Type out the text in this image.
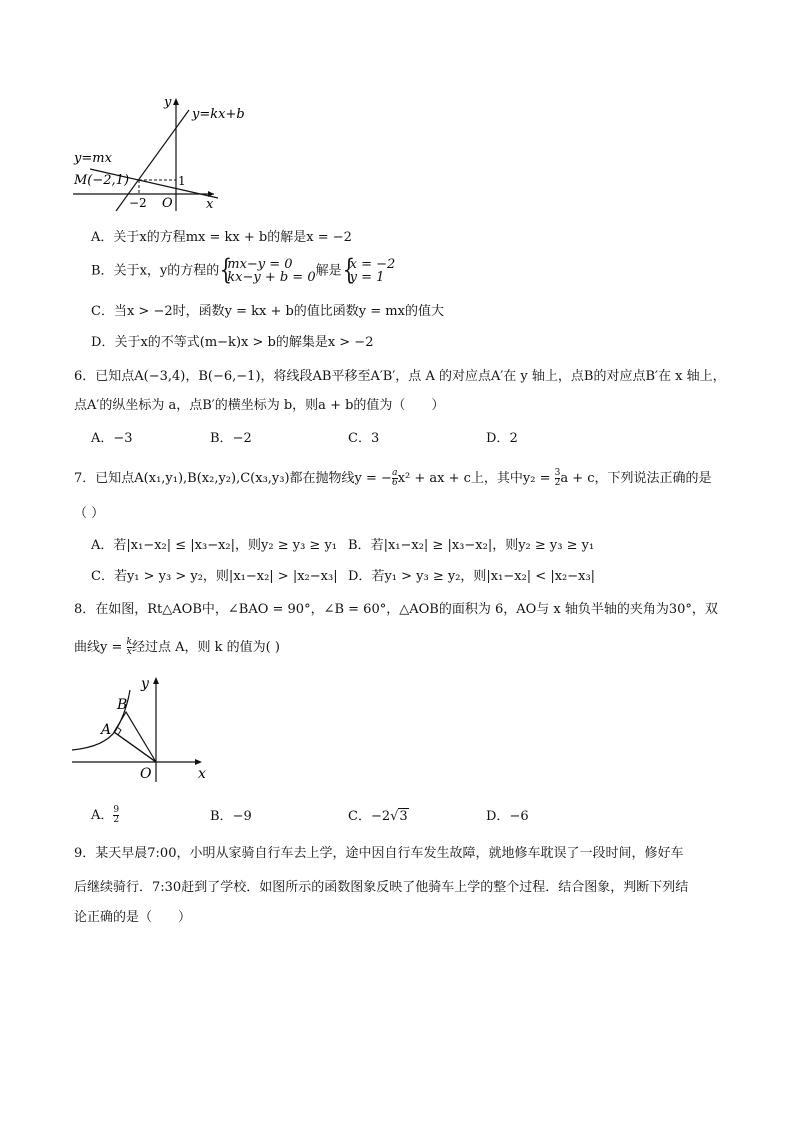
y
y=kx+b
y=mx
M(−2,1)	1
−2 O	x
A．关于x的方程mx = kx + b的解是x = −2
B．关于x，y的方程的 { mx−y = 0
kx−y + b = 0 解是 { x = −2
y = 1
C．当x > −2时，函数y = kx + b的值比函数y = mx的值大
D．关于x的不等式(m−k)x > b的解集是x > −2
6．已知点A(−3,4)，B(−6,−1)，将线段AB平移至A′B′，点 A 的对应点A′在 y 轴上，点B的对应点B′在 x 轴上，
点A′的纵坐标为 a，点B′的横坐标为 b，则a + b的值为（　　）
A．−3	B．−2	C．3	D．2
7．已知点A(x₁,y₁),B(x₂,y₂),C(x₃,y₃)都在抛物线y = − $\frac{a}{6} x^2$ + ax + c上，其中$y_2 = \frac{3}{2}$ a + c，下列说法正确的是
（ ）
A．若|x₁−x₂| ≤ |x₃−x₂|，则y₂ ≥ y₃ ≥ y₁ B．若|x₁−x₂| ≥ |x₃−x₂|，则y₂ ≥ y₃ ≥ y₁
C．若y₁ > y₃ > y₂，则|x₁−x₂| > |x₂−x₃| D．若y₁ > y₃ ≥ y₂，则|x₁−x₂| < |x₂−x₃|
8．在如图，Rt△AOB中，∠BAO = 90°，∠B = 60°，△AOB的面积为 6，AO与 x 轴负半轴的夹角为30°，双
曲线$y = \frac{k}{x}$ 经过点 A，则 k 的值为( )
y
x
O
A
B
A． $\frac{9}{2}$	B．−9	C．−2√3	D．−6
9．某天早晨7:00，小明从家骑自行车去上学，途中因自行车发生故障，就地修车耽误了一段时间，修好车
后继续骑行．7:30赶到了学校．如图所示的函数图象反映了他骑车上学的整个过程．结合图象，判断下列结
论正确的是（　　）
